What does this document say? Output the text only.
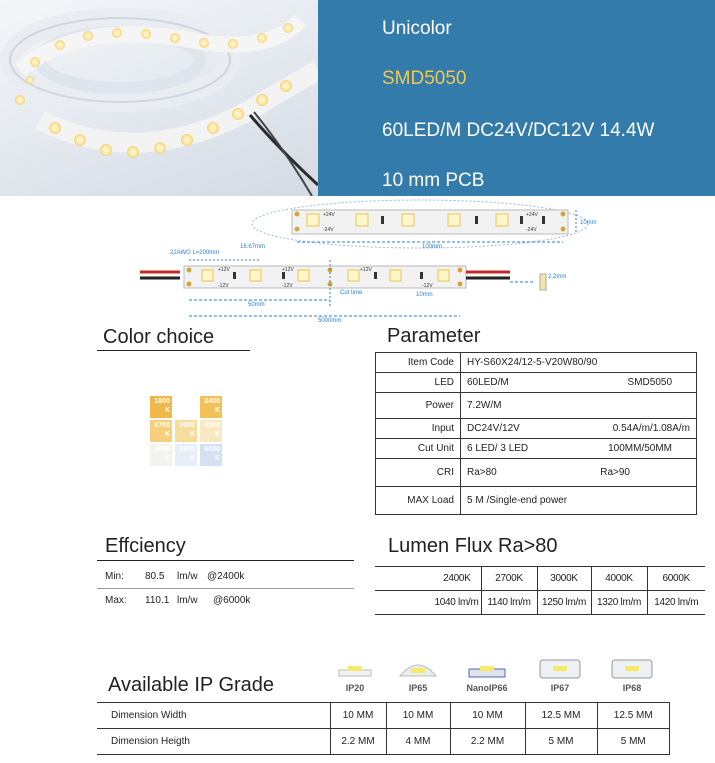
Unicolor
SMD5050
60LED/M DC24V/DC12V 14.4W
10 mm PCB
+24V
-24V
+24V
-24V
100mm
10mm
22AWG L=200mm
16.67mm
+12V
-12V
+12V
-12V
+12V
-12V
Cut time
50mm
10mm
2.2mm
5000mm
Color choice
1800 K
2400 K
2700 K
3000 K
3500 K
4000 K
5000 K
6000 K
Parameter
Item Code	HY-S60X24/12-5-V20W80/90
LED	60LED/M SMD5050

Power	7.2W/M
Input	DC24V/12V 0.54A/m/1.08A/m

Cut Unit	6 LED/ 3 LED 100MM/50MM

CRI	Ra>80 Ra>90

MAX Load	5 M /Single-end power
Effciency
Min:	80.5	lm/w @2400k
Max:	110.1 lm/w	@6000k
Lumen Flux Ra>80
2400K	2700K	3000K	4000K	6000K
1040 lm/m	1140 lm/m	1250 lm/m	1320 lm/m	1420 lm/m
Available IP Grade	IP20	IP65	NanoIP66	IP67	IP68
Dimension Width	10 MM	10 MM	10 MM	12.5 MM	12.5 MM
Dimension Heigth	2.2 MM	4 MM	2.2 MM	5 MM	5 MM
